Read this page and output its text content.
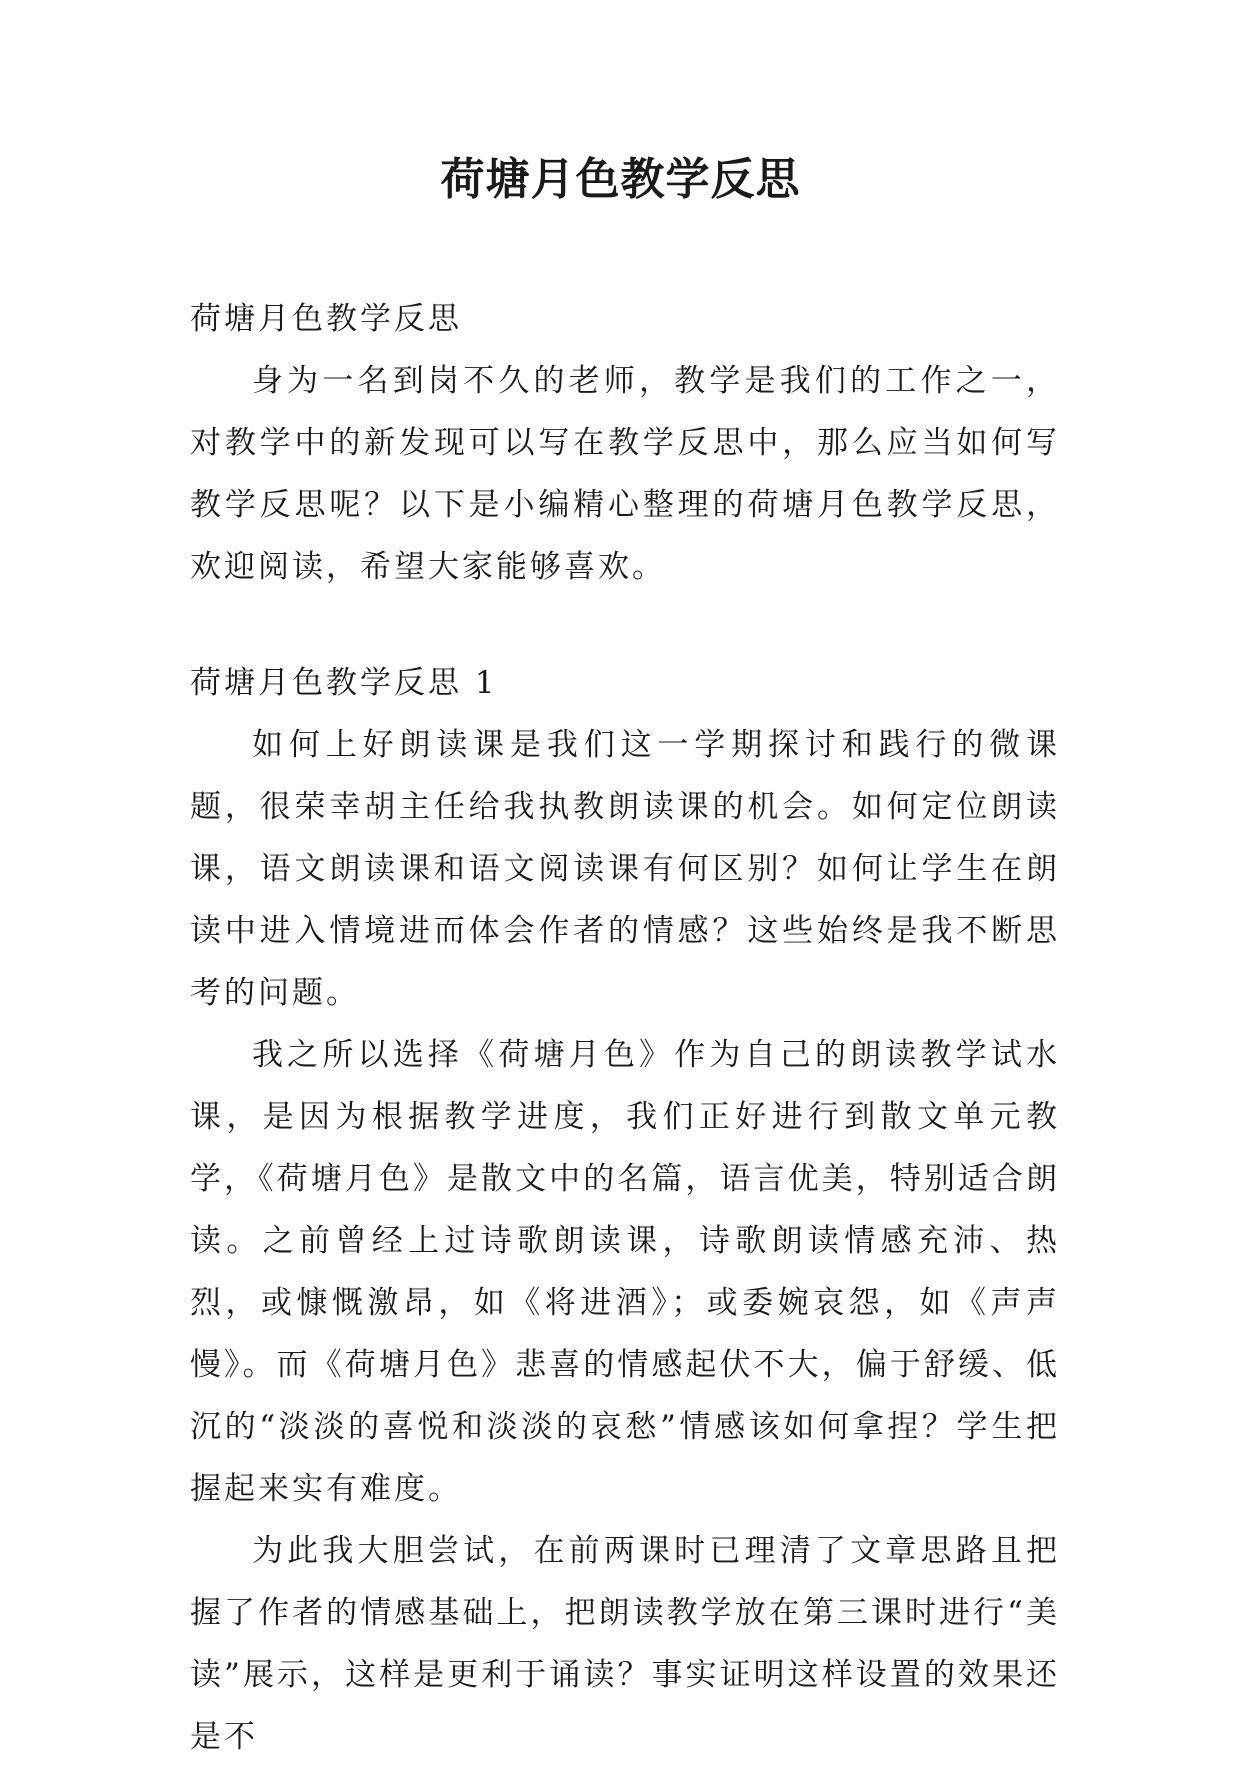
荷塘月色教学反思

荷塘月色教学反思

身为一名到岗不久的老师，教学是我们的工作之一，对教学中的新发现可以写在教学反思中，那么应当如何写教学反思呢？以下是小编精心整理的荷塘月色教学反思，欢迎阅读，希望大家能够喜欢。

荷塘月色教学反思 1

如何上好朗读课是我们这一学期探讨和践行的微课题，很荣幸胡主任给我执教朗读课的机会。如何定位朗读课，语文朗读课和语文阅读课有何区别？如何让学生在朗读中进入情境进而体会作者的情感？这些始终是我不断思考的问题。

我之所以选择《荷塘月色》作为自己的朗读教学试水课，是因为根据教学进度，我们正好进行到散文单元教学，《荷塘月色》是散文中的名篇，语言优美，特别适合朗读。之前曾经上过诗歌朗读课，诗歌朗读情感充沛、热烈，或慷慨激昂，如《将进酒》；或委婉哀怨，如《声声慢》。而《荷塘月色》悲喜的情感起伏不大，偏于舒缓、低沉的“淡淡的喜悦和淡淡的哀愁”情感该如何拿捏？学生把握起来实有难度。

为此我大胆尝试，在前两课时已理清了文章思路且把握了作者的情感基础上，把朗读教学放在第三课时进行“美读”展示，这样是更利于诵读？事实证明这样设置的效果还是不
